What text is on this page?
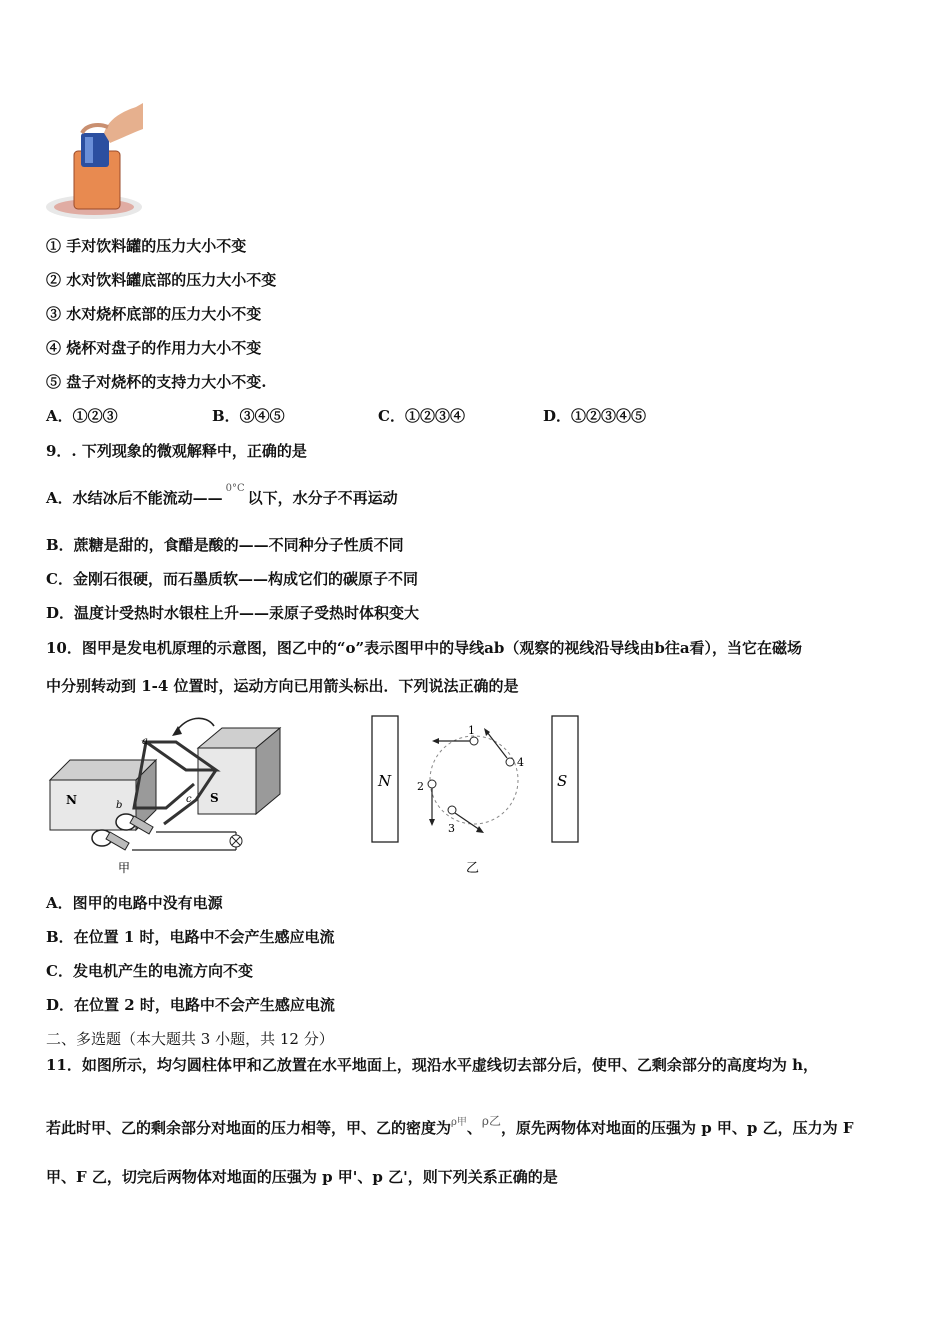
① 手对饮料罐的压力大小不变
② 水对饮料罐底部的压力大小不变
③ 水对烧杯底部的压力大小不变
④ 烧杯对盘子的作用力大小不变
⑤ 盘子对烧杯的支持力大小不变.
A．①②③	B．③④⑤	C．①②③④	D．①②③④⑤
9．. 下列现象的微观解释中，正确的是
A．水结冰后不能流动——$^{0^\circ C}$以下，水分子不再运动
B．蔗糖是甜的，食醋是酸的——不同种分子性质不同
C．金刚石很硬，而石墨质软——构成它们的碳原子不同
D．温度计受热时水银柱上升——汞原子受热时体积变大
10．图甲是发电机原理的示意图，图乙中的“o”表示图甲中的导线ab（观察的视线沿导线由b往a看），当它在磁场
中分别转动到 1-4 位置时，运动方向已用箭头标出．下列说法正确的是
N	S
a
b
c
甲
N	S
1
4
2
3
乙
A．图甲的电路中没有电源
B．在位置 1 时，电路中不会产生感应电流
C．发电机产生的电流方向不变
D．在位置 2 时，电路中不会产生感应电流
二、多选题（本大题共 3 小题，共 12 分）
11．如图所示，均匀圆柱体甲和乙放置在水平地面上，现沿水平虚线切去部分后，使甲、乙剩余部分的高度均为 h，
若此时甲、乙的剩余部分对地面的压力相等，甲、乙的密度为$^{\rho 甲}$、$^{\rho 乙}$，原先两物体对地面的压强为 p 甲、p 乙，压力为 F
甲、F 乙，切完后两物体对地面的压强为 p 甲'、p 乙'，则下列关系正确的是
